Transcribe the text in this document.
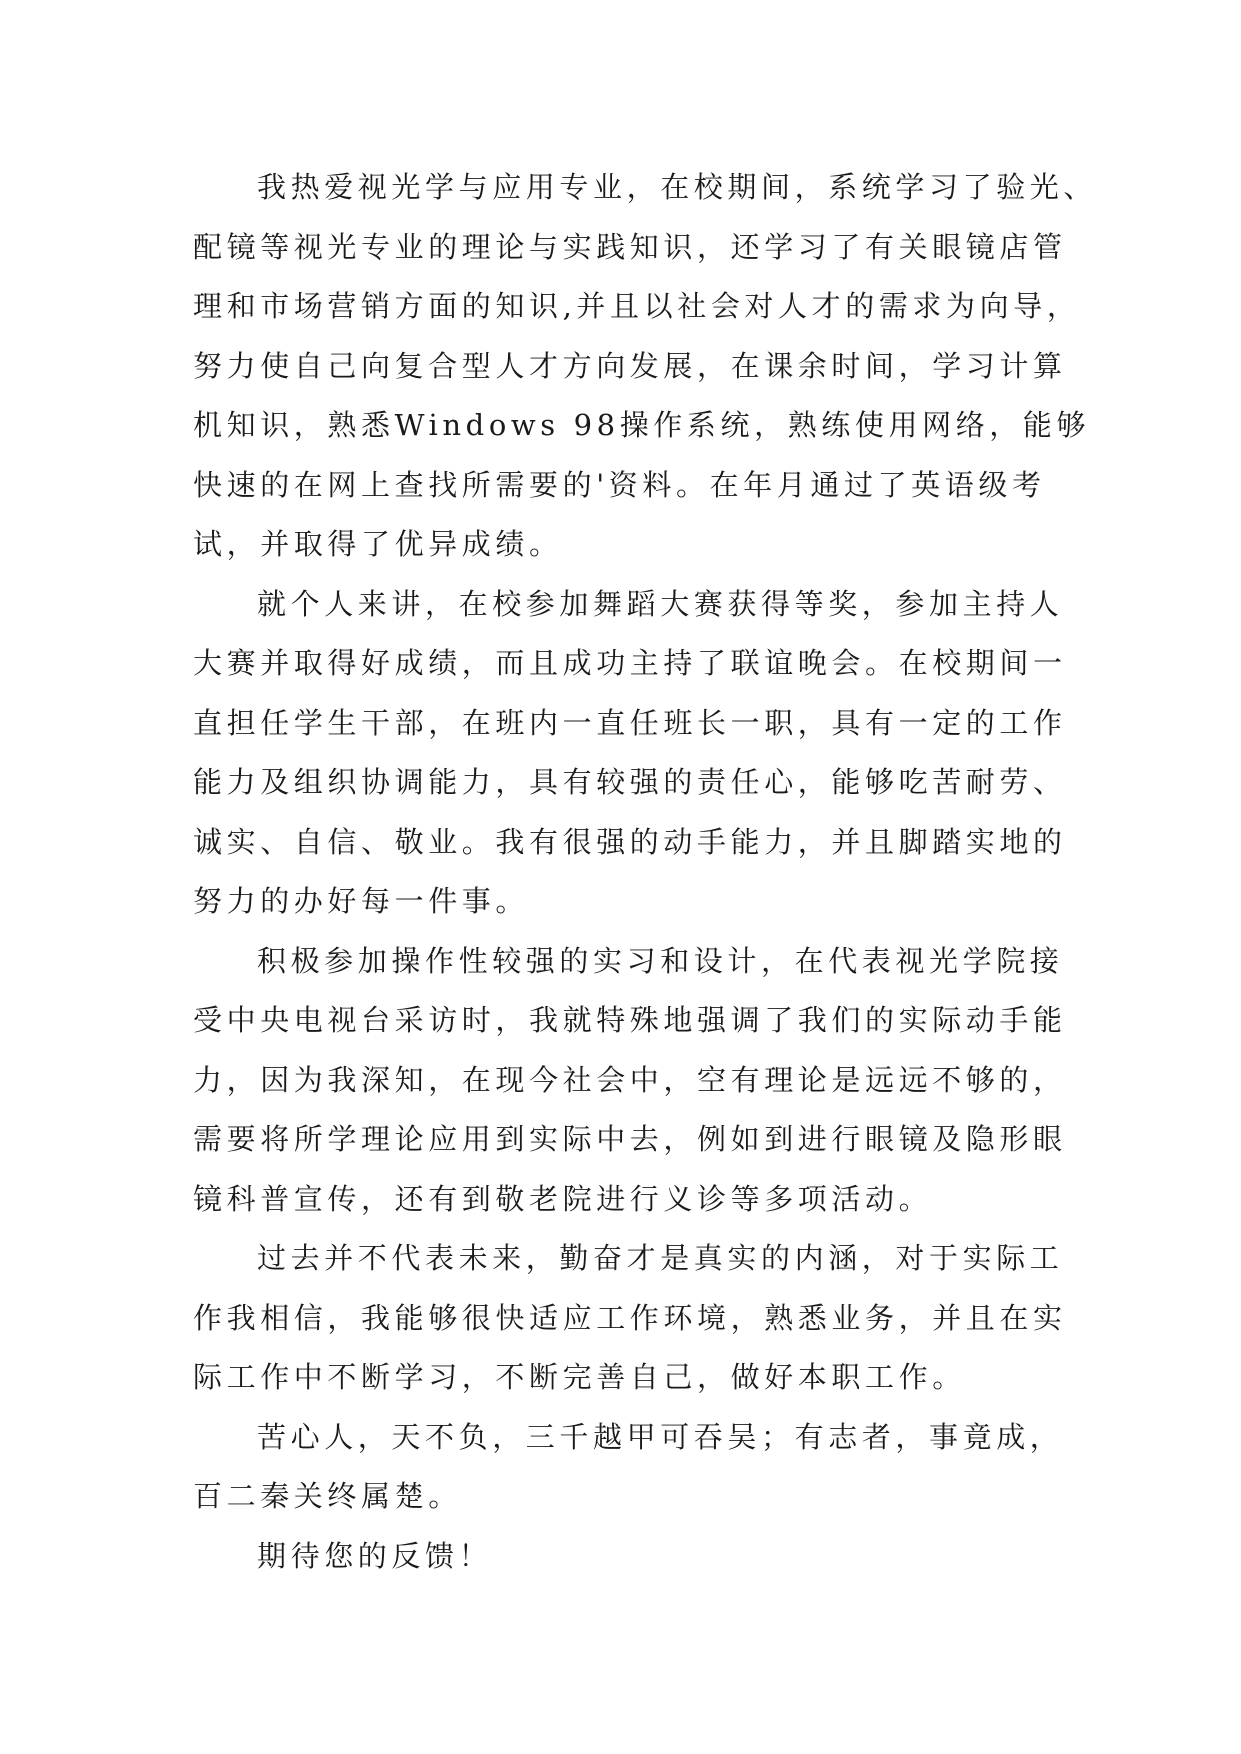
我热爱视光学与应用专业，在校期间，系统学习了验光、
配镜等视光专业的理论与实践知识，还学习了有关眼镜店管
理和市场营销方面的知识,并且以社会对人才的需求为向导，
努力使自己向复合型人才方向发展，在课余时间，学习计算
机知识，熟悉Windows 98操作系统，熟练使用网络，能够
快速的在网上查找所需要的'资料。在年月通过了英语级考
试，并取得了优异成绩。
就个人来讲，在校参加舞蹈大赛获得等奖，参加主持人
大赛并取得好成绩，而且成功主持了联谊晚会。在校期间一
直担任学生干部，在班内一直任班长一职，具有一定的工作
能力及组织协调能力，具有较强的责任心，能够吃苦耐劳、
诚实、自信、敬业。我有很强的动手能力，并且脚踏实地的
努力的办好每一件事。
积极参加操作性较强的实习和设计，在代表视光学院接
受中央电视台采访时，我就特殊地强调了我们的实际动手能
力，因为我深知，在现今社会中，空有理论是远远不够的，
需要将所学理论应用到实际中去，例如到进行眼镜及隐形眼
镜科普宣传，还有到敬老院进行义诊等多项活动。
过去并不代表未来，勤奋才是真实的内涵，对于实际工
作我相信，我能够很快适应工作环境，熟悉业务，并且在实
际工作中不断学习，不断完善自己，做好本职工作。
苦心人，天不负，三千越甲可吞吴；有志者，事竟成，
百二秦关终属楚。
期待您的反馈！
